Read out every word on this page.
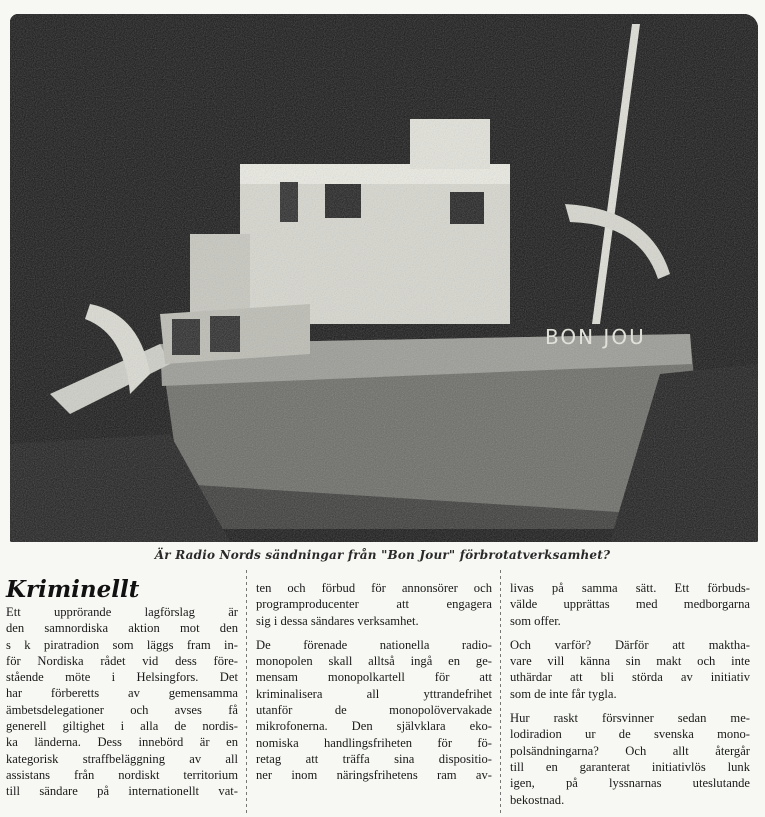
Är Radio Nords sändningar från "Bon Jour" förbrotatverksamhet?
Kriminellt

Ett upprörande lagförslag är
den samnordiska aktion mot den
s k piratradion som läggs fram in-
för Nordiska rådet vid dess före-
stående möte i Helsingfors. Det
har förberetts av gemensamma
ämbetsdelegationer och avses få
generell giltighet i alla de nordis-
ka länderna. Dess innebörd är en
kategorisk straffbeläggning av all
assistans från nordiskt territorium
till sändare på internationellt vat-

ten och förbud för annonsörer och
programproducenter att engagera
sig i dessa sändares verksamhet.

De förenade nationella radio-
monopolen skall alltså ingå en ge-
mensam monopolkartell för att
kriminalisera all yttrandefrihet
utanför de monopolövervakade
mikrofonerna. Den självklara eko-
nomiska handlingsfriheten för fö-
retag att träffa sina dispositio-
ner inom näringsfrihetens ram av-

livas på samma sätt. Ett förbuds-
välde upprättas med medborgarna
som offer.

Och varför? Därför att maktha-
vare vill känna sin makt och inte
uthärdar att bli störda av initiativ
som de inte får tygla.

Hur raskt försvinner sedan me-
lodiradion ur de svenska mono-
polsändningarna? Och allt återgår
till en garanterat initiativlös lunk
igen, på lyssnarnas uteslutande
bekostnad.
